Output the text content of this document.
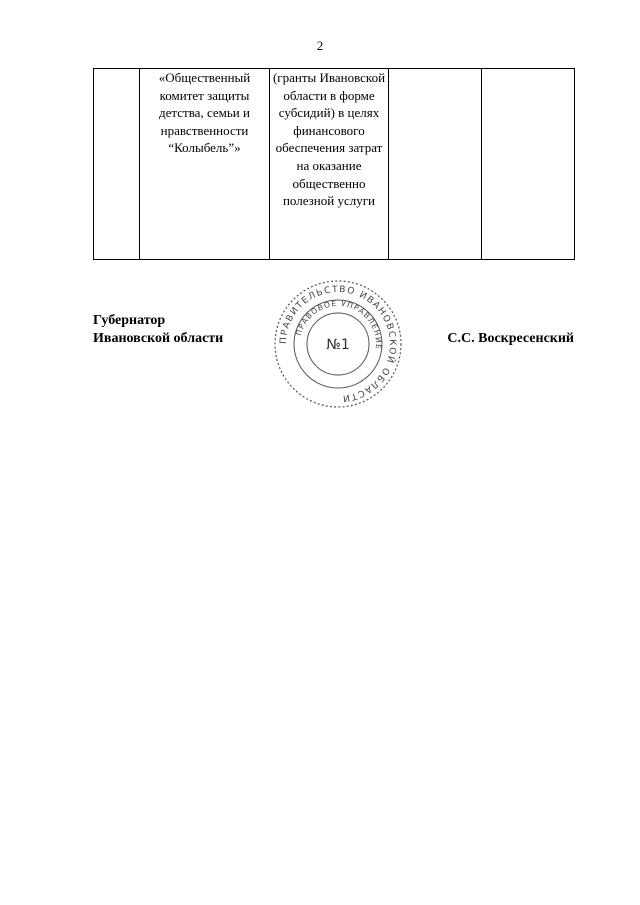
2
	«Общественный комитет защиты детства, семьи и нравственности “Колыбель”»	(гранты Ивановской области в форме субсидий) в целях финансового обеспечения затрат на оказание общественно полезной услуги		
Губернатор
Ивановской области	ПРАВИТЕЛЬСТВО ИВАНОВСКОЙ ОБЛАСТИ
ПРАВОВОЕ УПРАВЛЕНИЕ
№1	С.С. Воскресенский
